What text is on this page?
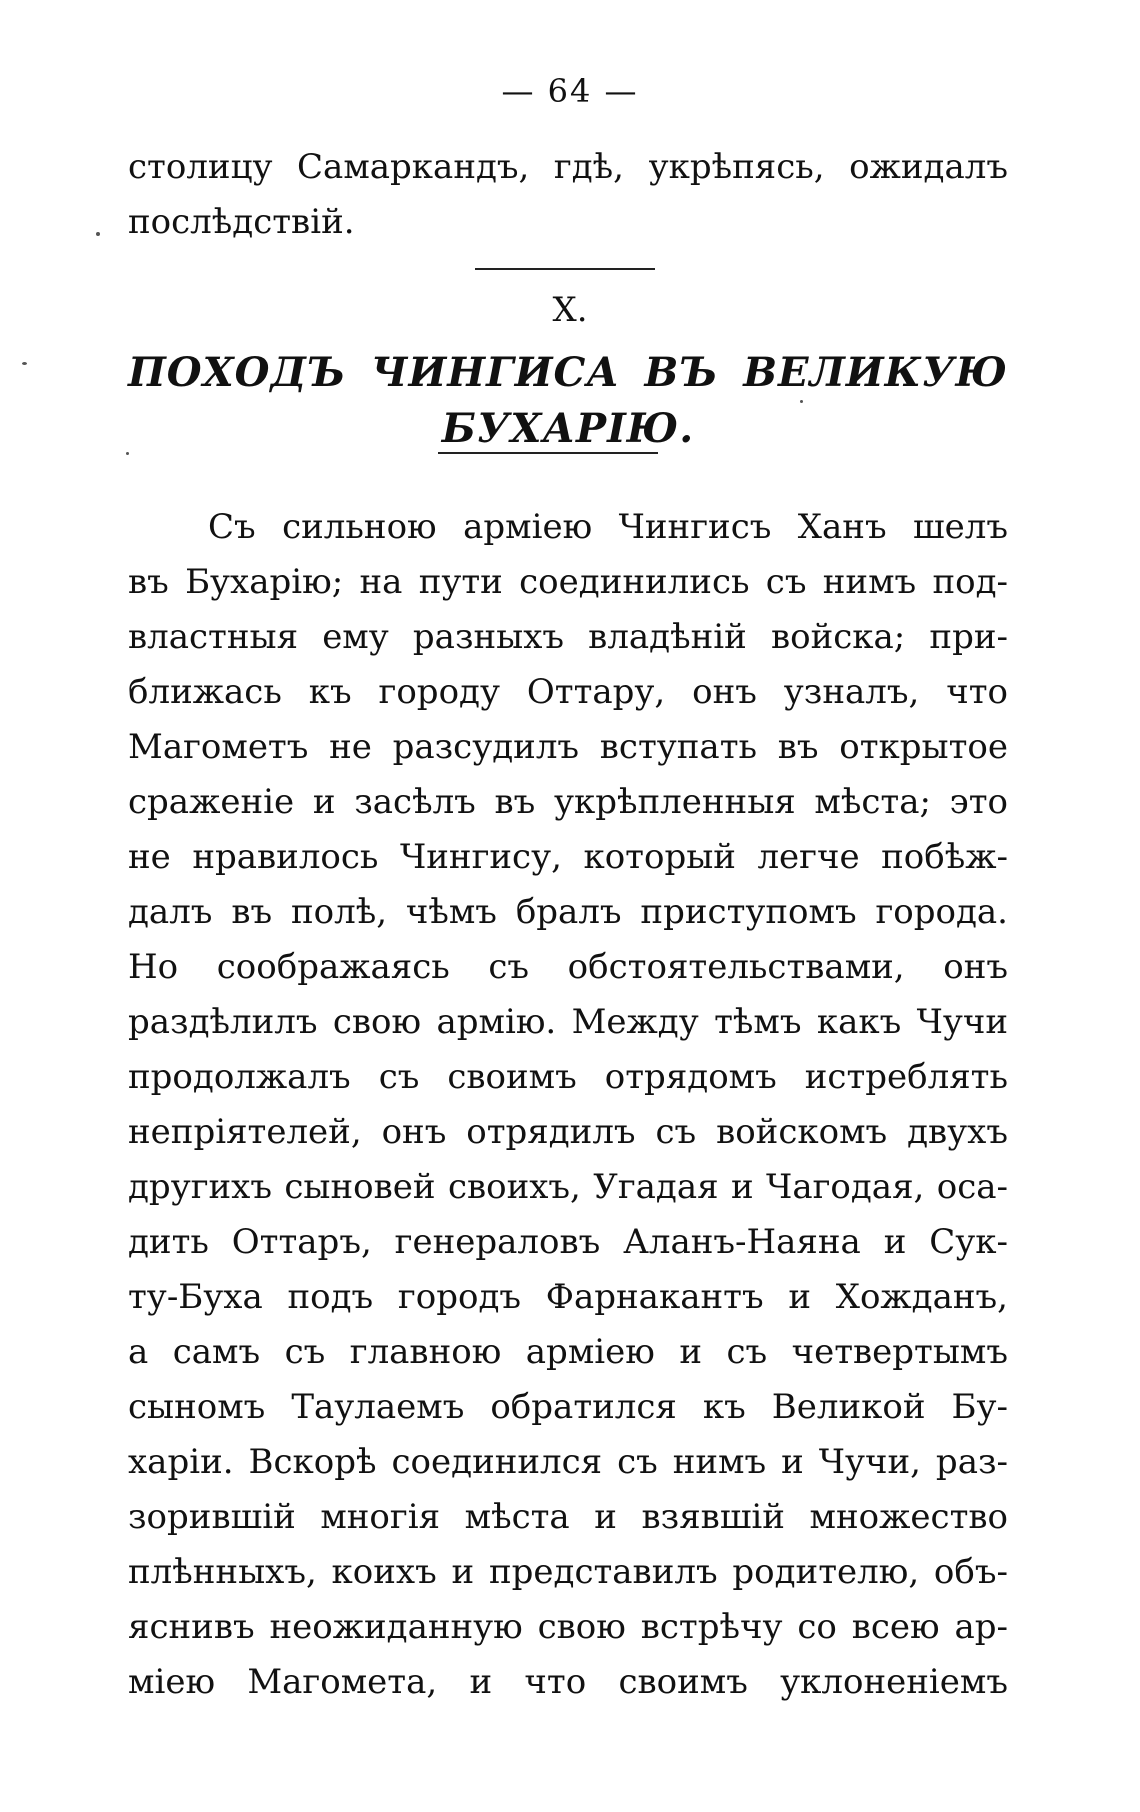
— 64 —
столицу Самаркандъ, гдѣ, укрѣпясь, ожидалъ
послѣдствій.
X.
ПОХОДЪ ЧИНГИСА ВЪ ВЕЛИКУЮ
БУХАРІЮ.
Съ сильною арміею Чингисъ Ханъ шелъ
въ Бухарію; на пути соединились съ нимъ под-
властныя ему разныхъ владѣній войска; при-
ближась къ городу Оттару, онъ узналъ, что
Магометъ не разсудилъ вступать въ открытое
сраженіе и засѣлъ въ укрѣпленныя мѣста; это
не нравилось Чингису, который легче побѣж-
далъ въ полѣ, чѣмъ бралъ приступомъ города.
Но соображаясь съ обстоятельствами, онъ
раздѣлилъ свою армію. Между тѣмъ какъ Чучи
продолжалъ съ своимъ отрядомъ истреблять
непріятелей, онъ отрядилъ съ войскомъ двухъ
другихъ сыновей своихъ, Угадая и Чагодая, оса-
дить Оттаръ, генераловъ Аланъ-Наяна и Сук-
ту-Буха подъ городъ Фарнакантъ и Хожданъ,
а самъ съ главною арміею и съ четвертымъ
сыномъ Таулаемъ обратился къ Великой Бу-
харіи. Вскорѣ соединился съ нимъ и Чучи, раз-
зорившій многія мѣста и взявшій множество
плѣнныхъ, коихъ и представилъ родителю, объ-
яснивъ неожиданную свою встрѣчу со всею ар-
міею Магомета, и что своимъ уклоненіемъ
